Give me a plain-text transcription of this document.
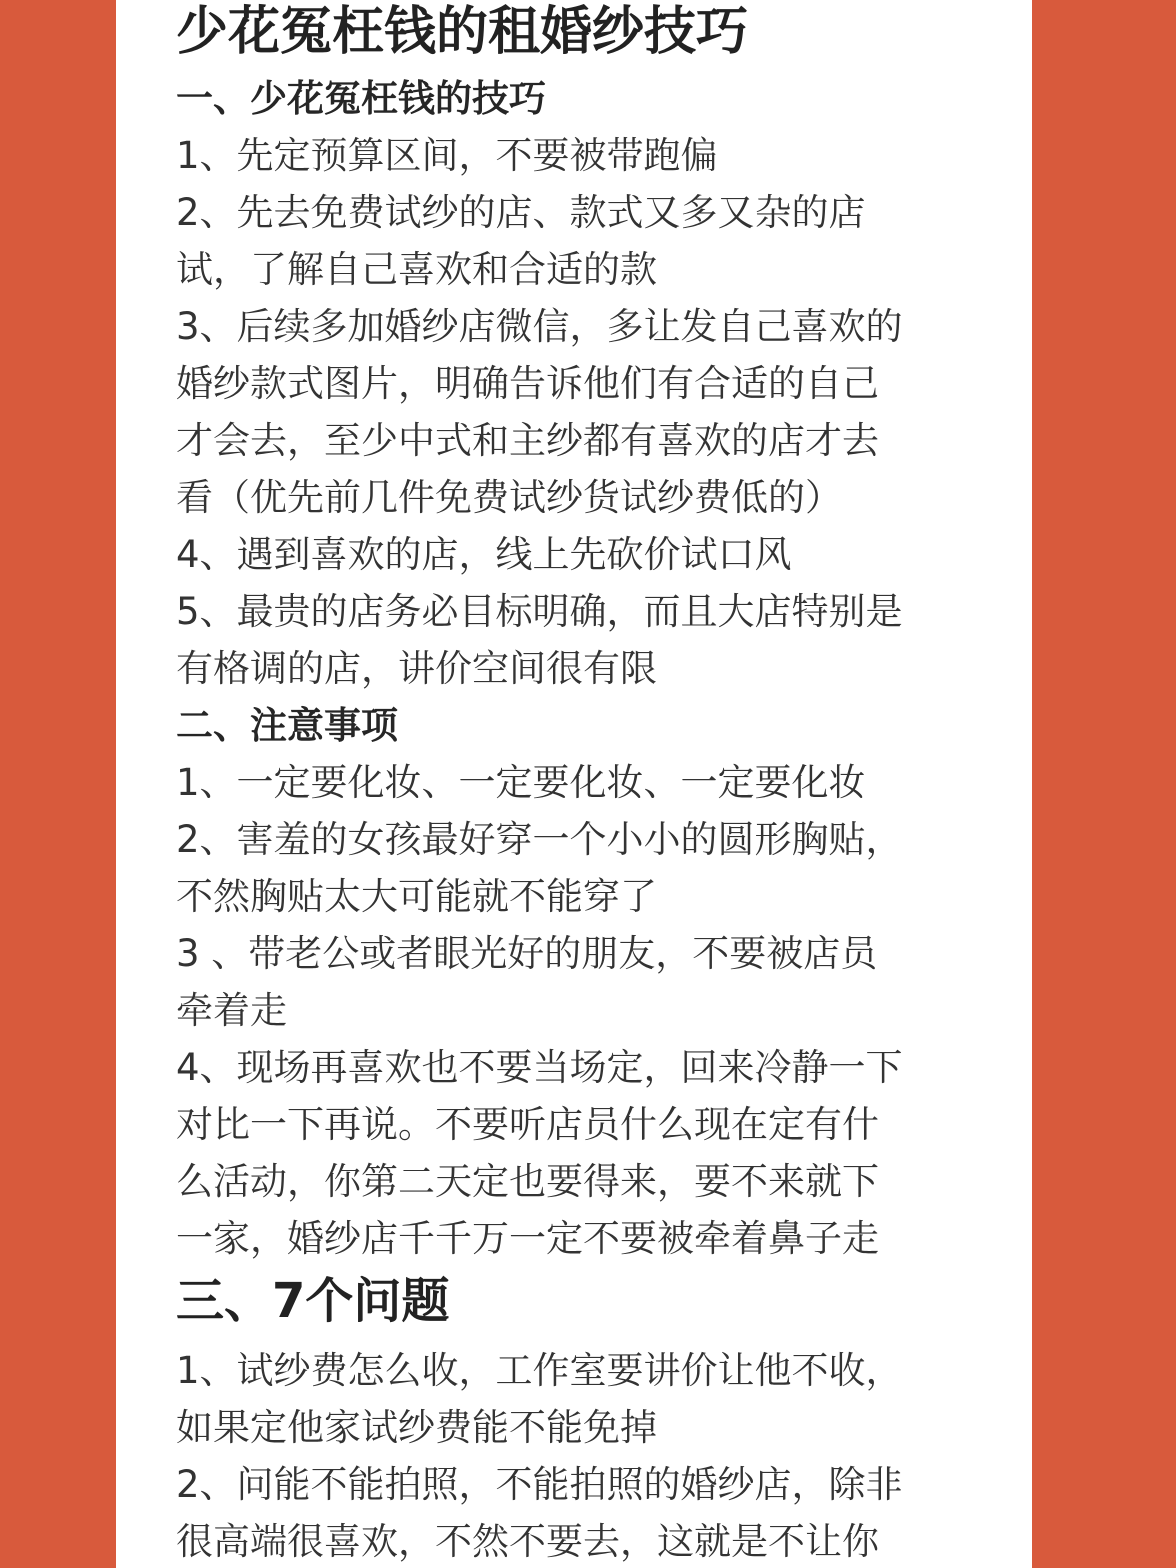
少花冤枉钱的租婚纱技巧
一、少花冤枉钱的技巧
1、先定预算区间，不要被带跑偏
2、先去免费试纱的店、款式又多又杂的店
试，了解自己喜欢和合适的款
3、后续多加婚纱店微信，多让发自己喜欢的
婚纱款式图片，明确告诉他们有合适的自己
才会去，至少中式和主纱都有喜欢的店才去
看（优先前几件免费试纱货试纱费低的）
4、遇到喜欢的店，线上先砍价试口风
5、最贵的店务必目标明确，而且大店特别是
有格调的店，讲价空间很有限
二、注意事项
1、一定要化妆、一定要化妆、一定要化妆
2、害羞的女孩最好穿一个小小的圆形胸贴，
不然胸贴太大可能就不能穿了
3 、带老公或者眼光好的朋友，不要被店员
牵着走
4、现场再喜欢也不要当场定，回来冷静一下
对比一下再说。不要听店员什么现在定有什
么活动，你第二天定也要得来，要不来就下
一家，婚纱店千千万一定不要被牵着鼻子走
三、7个问题
1、试纱费怎么收，工作室要讲价让他不收，
如果定他家试纱费能不能免掉
2、问能不能拍照，不能拍照的婚纱店，除非
很高端很喜欢，不然不要去，这就是不让你
